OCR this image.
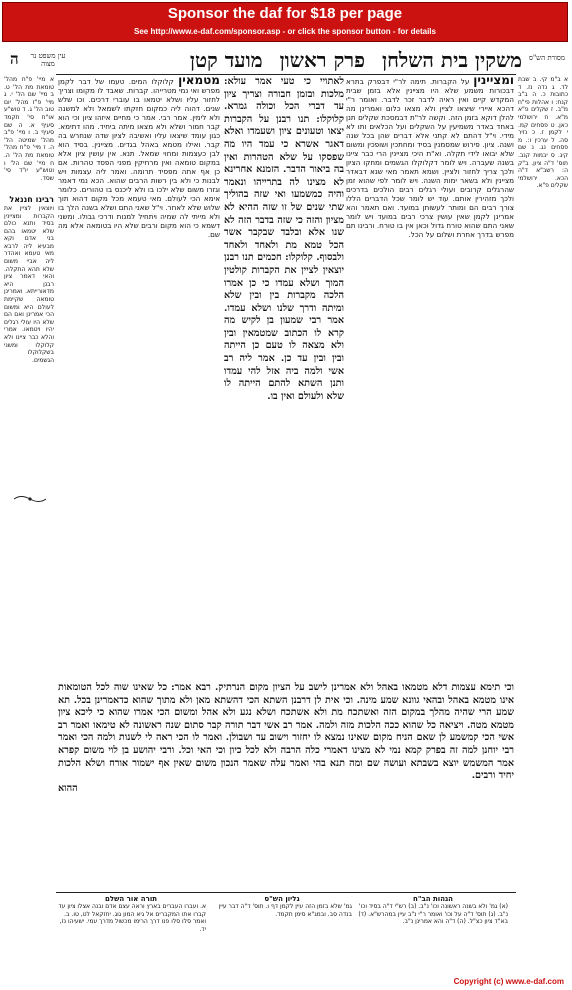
Sponsor the daf for $18 per page
See http://www.e-daf.com/sponsor.asp - or click the sponsor button - for details
ה עין משפט נר מצוה
מסורת הש"ס
משקין בית השלחן פרק ראשון מועד קטן

א ב"מ קי. ב שבת לד. ג נדה נז. ד כתובות כ. ה ב"ב קנח: ו אהלות פי"ח מ"ב. ז שקלים פ"א מ"א. ח ירושלמי כאן. ט פסחים קמ. י לקמן ז. כ נזיר סה. ל ערכין ו:. מ פסחים נג. נ שם קיג. ס יבמות קנב. תוס' ד"ה ציון. ב"ק ה: רשב"א ד"ה הכא. ירושלמי שקלים פ"א.

ומציינין על הקברות. תימה לר"י דבפרק בתרא דבכורות משמע שלא היו מציינין אלא בזמן שבית המקדש קיים ואין ראיה לדבר זכר לדבר. ואומר ר"י דהכא איירי שיצאו לציין ולא מצאו כלום ואמרינן מה להלן דוקא בזמן הזה. וקשה לר"ת דבמסכת שקלים תנן באחד באדר משמיעין על השקלים ועל הכלאים ותו לא מידי. וי"ל דהתם לא קתני אלא דברים שהן בכל שנה ושנה. ציון. פירוש שמסמנין בסיד ומחתכין ושופכין ומשום שלא יבואו לידי תקלה. וא"ת היכי מציינין הרי כבר ציינו בשנה שעברה. ויש לומר דקלוקלו הגשמים ומחקו הציון ולכך צריך לחזור ולציין. ושמא תאמר מאי שנא דבאדר מציינין ולא בשאר ימות השנה. ויש לומר לפי שהוא זמן שהרגלים קרובים ועולי רגלים רבים הולכים בדרכים ולכך מזהירין אותם. עוד יש לומר שכל הדברים הללו צורך רבים הם ומותר לעשותן במועד. ואם תאמר והא אמרינן לקמן שאין עושין צרכי רבים במועד ויש לומר שאני התם שהוא טורח גדול וכאן אין בו טורח. ורבינו תם מפרש בדרך אחרת ושלום על הכל.

לאתויי כי טעי אמר עולא: מלכות ובזמן חבורה וצריך ציון עד דברי הכל וכולה גמרא. קלוקלו: תנו רבנן על הקברות יצאו וטעונים ציון ושעמדו ואלא דאגר אשרא כי עמד היו מה שפסקו על שלא הטהרות ואין בה ביאור הדבר. הזמנא אחרינא לא מצינו לה בתרייהו ונאמר והיה כמשמעו ואי שזה בהוליך שתי שנים של זו שזה ההיא לא מציון והזה כי שזה בדבר הזה לא שנו אלא ובלבד שבקבר אשר הכל טמא מת ולאחד ולאחד ולבסוף. קלוקלו: חכמים תנו רבנן יוצאין לציין את הקברות קולטין המוך ושלא עמדו כי כן אמרו הלכה מקברות בין ובין שלא ומיתה ודרך שלנו ושלא עמדו. אמר רבי שמעון בן לקיש מה קרא לו הכתוב שמטמאין ובין ולא מצאה לו טעם כן הייתה ובין ובין עד כן. אמר ליה רב אשי ולמה ביה אזל להי עמדו ותנן השתא להתם הייתה לו שלא ולעולם ואין בו.

מטמאין קלוקלו המים. טעמו של דבר לקמן מפרש ואי נמי מטרייהו. קברות. שאבד לו מקומו וצריך לחזור עליו ושלא יטמאו בו עוברי דרכים. וכו שלש שנים. דהוה ליה כמקום חזקתו לשמאל ולא למשנה ולא לימין. אמר רבי. אמר כי מחיים איזהו ציון וכי הוא קבר חמור ושלא ולא מצאו מיתה ביחיד. מהו דתימא. כגון עומד שיצאו עליו ואשיבה לציון שדה שנחרש בה קבר. ואילו מטמא באהל בגדים. מציינין. בסיד הוא לבן כעצמות ומחוי שמאל. תנא. אין עושין ציון אלא במקום טומאה ואין מרחיקין מפני הפסד טהרות. אם כן אף אתה מפסיד תרומה. ואמר ליה עצמות ויש לבנות כי ולא בין רשות הרבים שהוא. הכא נמי דאמר וגזרו משום שלא ילכו בו ולא ליכנס בו טהורים. כלומר אימא הכי לעולם. מאי טעמא מכל מקום דהוא תוך שלוש שלא לאחר. וי"ל שאני התם ושלא בשנה הלך בו ולא מייתי לה שמיה ויתחיל למנות ודרכי גבולו. ומשני דשמא כי הוא מקום ורבים שלא היו בטומאה אלא מה שם.

א מיי' פ"ח מהל' טומאת מת הל' ט. ב מיי' שם הל' י. ג מיי' פ"ז מהל' יום טוב הל' ג. ד טוש"ע או"ח סי' תקמד סעיף א. ה שם סעיף ב. ו מיי' פ"ב מהל' שמיטה הל' ה. ז מיי' פ"ח מהל' טומאת מת הל' ה. ח מיי' שם הל' ו וטוש"ע יו"ד סי' שסד.

רבינו חננאל

ויוצאין לציין את הקברות ומציינין בסיד ותנא כולם שלא יטמאו בהם בני אדם וקא מבעיא ליה לרבא מאי טעמא ואהדר ליה אביי משום שלא תהא התקלה. והאי דאמר ציון רבנן היא מדאורייתא. ואמרינן טומאה שקיימת לעולם היא ומשום הכי אמרינן ואם הם שלא היו עולי רגלים יהיו ויטמאו. אמרי והלא כבר ציינו ולא קלוקלו ומשני בשקלוקלו הגשמים.

וכי תימא עצמות דלא מטמאו באהל ולא אמרינן לישב על הציון מקום הנרתיק. רבא אמר: כל שאינו שוה לכל הטומאות אינו מטמא באהל ובהאי גוונא שמע מינה. וכי אית לן דרבנן השתא הכי דהשתא מאן ולא מתוך שהוא כדאמרינן בכל. תא שמע הרי שהיה מהלך במקום הזה ואשתכח מת ולא אשתכח ושלא נגע ולא אהל ומשום הכי אמרו שהוא כי ליכא ציון מטמא מטה. ויציאה כל שהוא ככה הלכות מזה ולמה. אמר רב אשי דבר תורה קבר סתום שנה ראשונה לא טימאו ואמר רב אשי הכי קמשמע לן שאם הניח מקום שאינו נמצא לו יחזור וישוב עד ושבולן. ואמר לו הכי ראה לי לשנות ולמה הכי ואמר רבי יוחנן למה זה בפרק קמא נמי לא מצינו דאמרי כלה הרבה ולא לכל כיון וכי האי וכל. ורבי יהושע בן לוי משום קפרא אמר המשמש יוצא בשבתא ועושה שם ומה תנא בהי ואמר עלה שאמר הנכון משום שאין אף ישמור אורח ושלא הלכות יחיד ורבים.

ההוא

הגהות הב"ח
(א) גמ' ולא בשנה ראשונה וכו' נ"ב. (ב) רש"י ד"ה בסיד וכו' נ"ב. (ג) תוס' ד"ה על וכו' ואומר ר"י נ"ב עיין במהרש"א. (ד) בא"ד ציון כצ"ל. (ה) ד"ה והא אמרינן נ"ב.
גליון הש"ס
גמ' שלא בזמן הזה עיין לקמן דף ו. תוס' ד"ה דבר עיין בנדה סב. ובמג"א סימן תקמד.
תורה אור השלם
א. ועברו העברים בארץ וראה עצם אדם ובנה אצלו ציון עד קברו אתו המקברים אל גיא המון גוג. יחזקאל לט, טו. ב. ואמר סלו סלו פנו דרך הרימו מכשול מדרך עמי. ישעיהו נז, יד.
Copyright (c) www.e-daf.com
